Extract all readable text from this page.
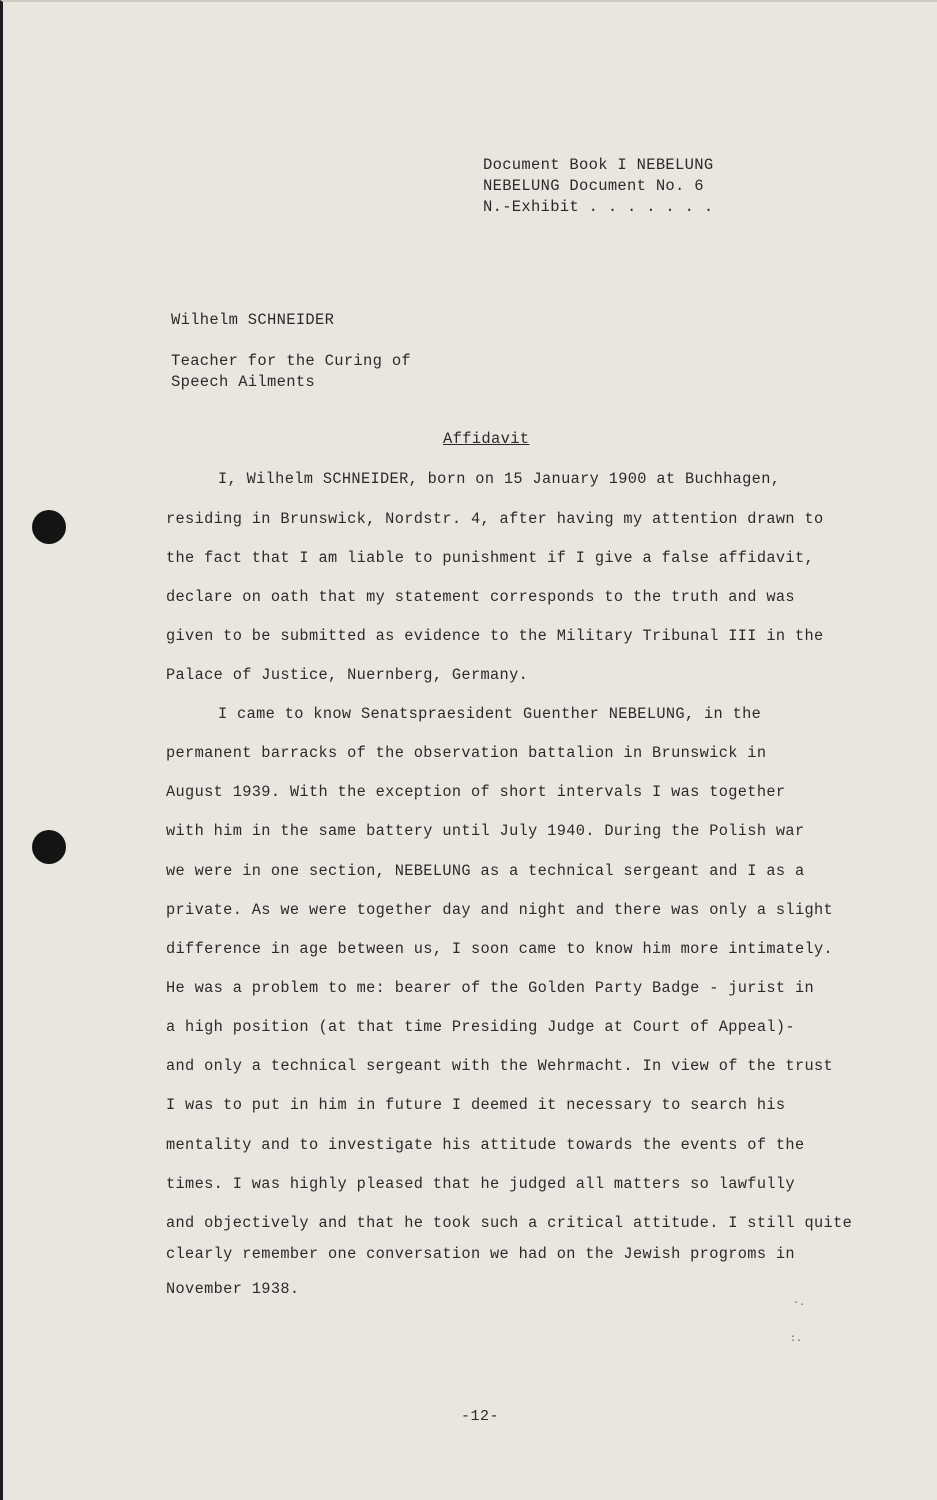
Document Book I NEBELUNG
NEBELUNG Document No. 6
N.-Exhibit . . . . . . .
Wilhelm SCHNEIDER
Teacher for the Curing of
Speech Ailments
Affidavit
I, Wilhelm SCHNEIDER, born on 15 January 1900 at Buchhagen,
residing in Brunswick, Nordstr. 4, after having my attention drawn to
the fact that I am liable to punishment if I give a false affidavit,
declare on oath that my statement corresponds to the truth and was
given to be submitted as evidence to the Military Tribunal III in the
Palace of Justice, Nuernberg, Germany.
I came to know Senatspraesident Guenther NEBELUNG, in the
permanent barracks of the observation battalion in Brunswick in
August 1939. With the exception of short intervals I was together
with him in the same battery until July 1940. During the Polish war
we were in one section, NEBELUNG as a technical sergeant and I as a
private. As we were together day and night and there was only a slight
difference in age between us, I soon came to know him more intimately.
He was a problem to me: bearer of the Golden Party Badge - jurist in
a high position (at that time Presiding Judge at Court of Appeal)-
and only a technical sergeant with the Wehrmacht. In view of the trust
I was to put in him in future I deemed it necessary to search his
mentality and to investigate his attitude towards the events of the
times. I was highly pleased that he judged all matters so lawfully
and objectively and that he took such a critical attitude. I still quite
clearly remember one conversation we had on the Jewish progroms in
November 1938.
-.
:.
-12-
